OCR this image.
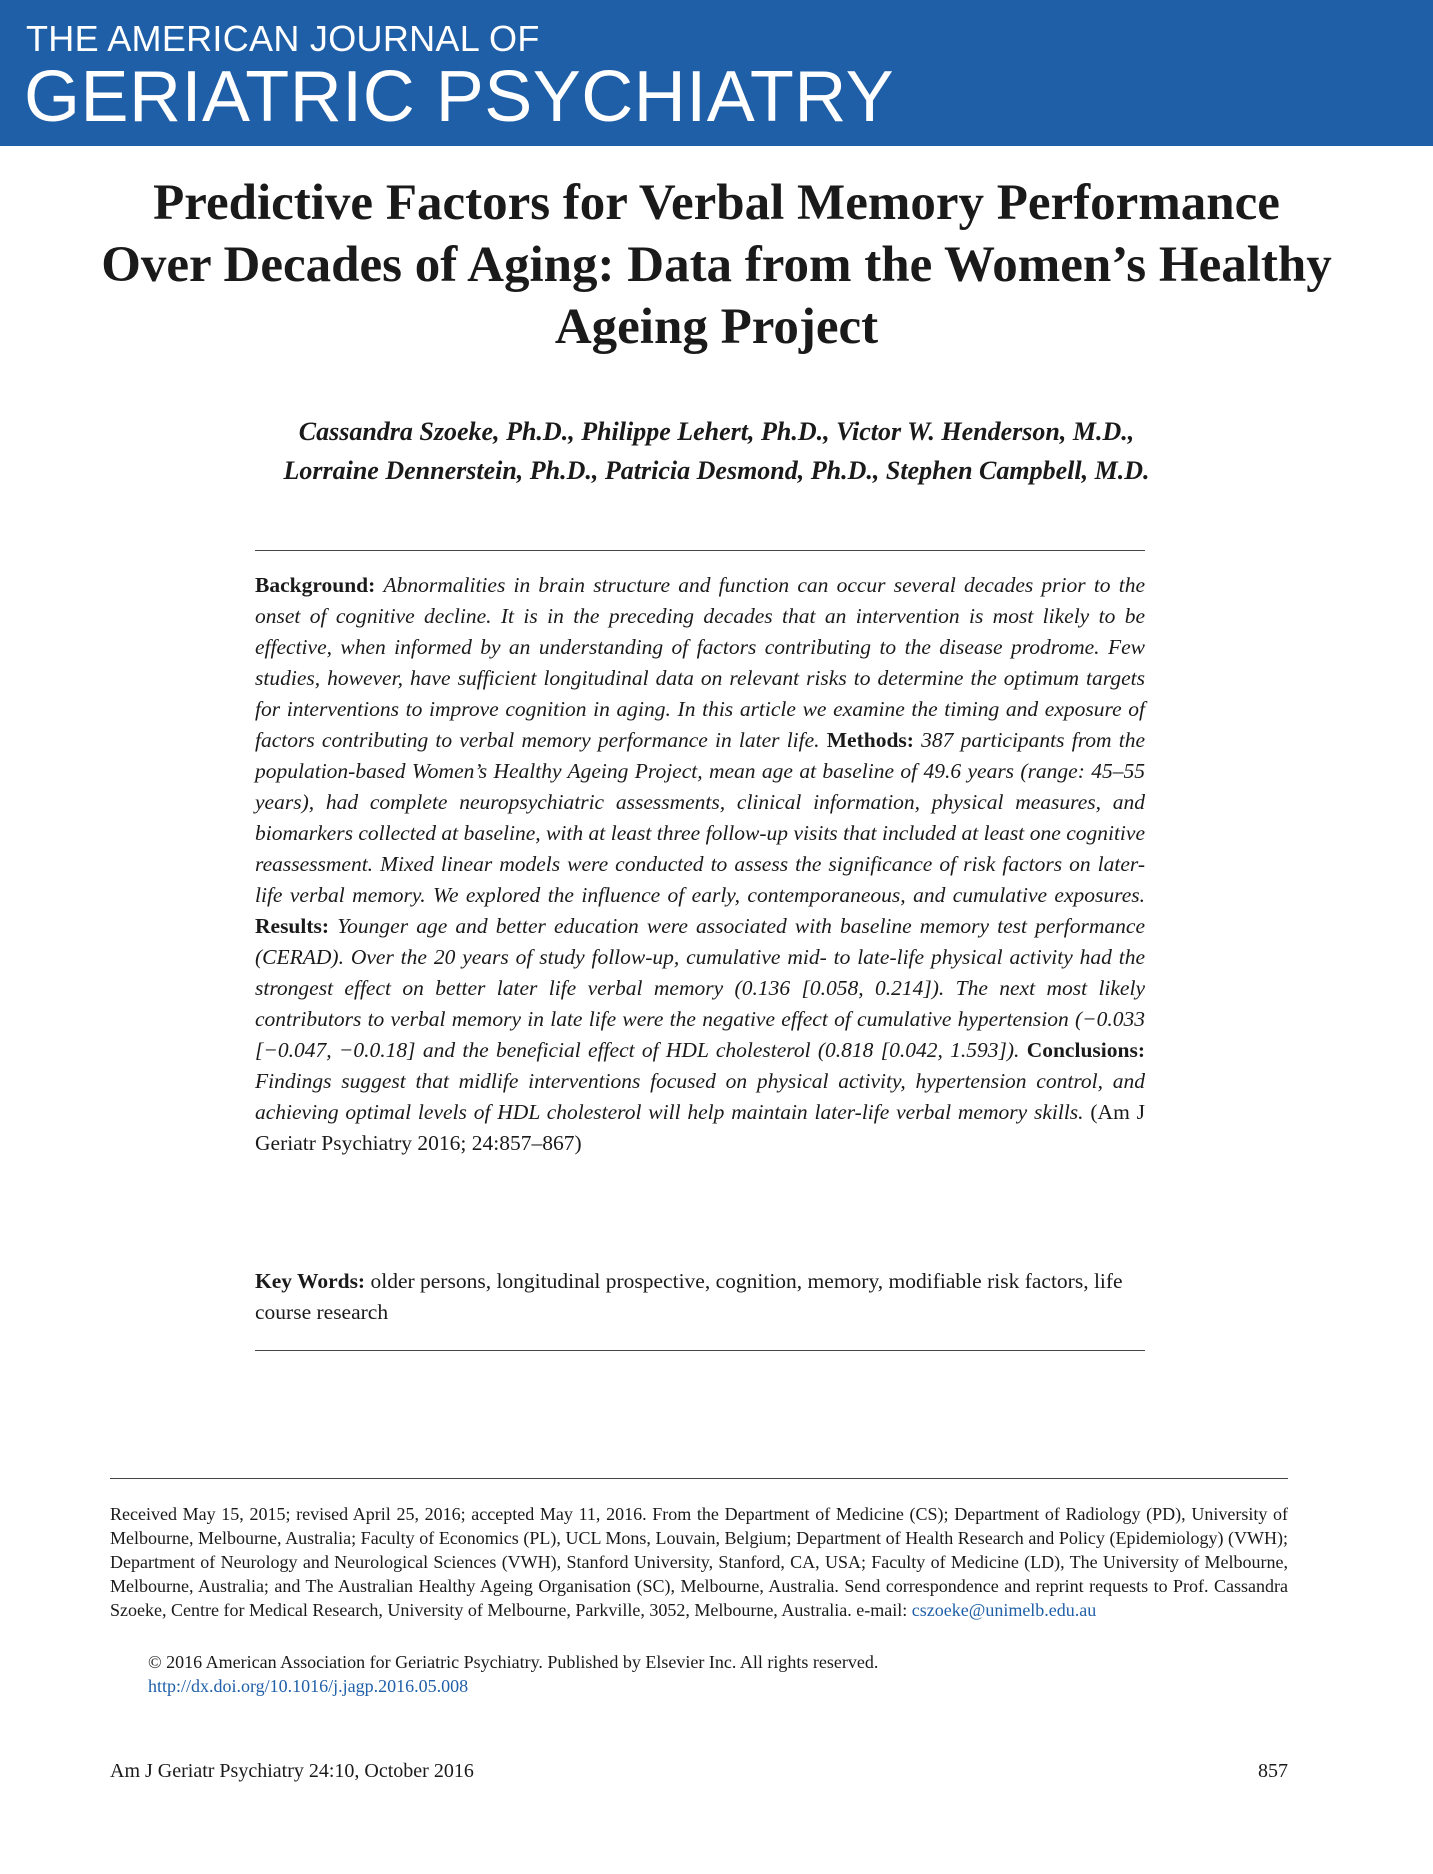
THE AMERICAN JOURNAL OF
GERIATRIC PSYCHIATRY
Predictive Factors for Verbal Memory Performance Over Decades of Aging: Data from the Women’s Healthy Ageing Project
Cassandra Szoeke, Ph.D., Philippe Lehert, Ph.D., Victor W. Henderson, M.D.,
Lorraine Dennerstein, Ph.D., Patricia Desmond, Ph.D., Stephen Campbell, M.D.
Background: Abnormalities in brain structure and function can occur several decades prior to the onset of cognitive decline. It is in the preceding decades that an intervention is most likely to be effective, when informed by an understanding of factors contributing to the disease prodrome. Few studies, however, have sufficient longitudinal data on relevant risks to determine the optimum targets for interventions to improve cognition in aging. In this article we examine the timing and exposure of factors contributing to verbal memory performance in later life. Methods: 387 participants from the population-based Women’s Healthy Ageing Project, mean age at baseline of 49.6 years (range: 45–55 years), had complete neuropsychiatric assessments, clinical information, physical measures, and biomarkers collected at baseline, with at least three follow-up visits that included at least one cognitive reassessment. Mixed linear models were conducted to assess the significance of risk factors on later-life verbal memory. We explored the influence of early, contemporaneous, and cumulative exposures. Results: Younger age and better education were associated with baseline memory test performance (CERAD). Over the 20 years of study follow-up, cumulative mid- to late-life physical activity had the strongest effect on better later life verbal memory (0.136 [0.058, 0.214]). The next most likely contributors to verbal memory in late life were the negative effect of cumulative hypertension (−0.033 [−0.047, −0.0.18] and the beneficial effect of HDL cholesterol (0.818 [0.042, 1.593]). Conclusions: Findings suggest that midlife interventions focused on physical activity, hypertension control, and achieving optimal levels of HDL cholesterol will help maintain later-life verbal memory skills. (Am J Geriatr Psychiatry 2016; 24:857–867)
Key Words: older persons, longitudinal prospective, cognition, memory, modifiable risk factors, life course research
Received May 15, 2015; revised April 25, 2016; accepted May 11, 2016. From the Department of Medicine (CS); Department of Radiology (PD), University of Melbourne, Melbourne, Australia; Faculty of Economics (PL), UCL Mons, Louvain, Belgium; Department of Health Research and Policy (Epidemiology) (VWH); Department of Neurology and Neurological Sciences (VWH), Stanford University, Stanford, CA, USA; Faculty of Medicine (LD), The University of Melbourne, Melbourne, Australia; and The Australian Healthy Ageing Organisation (SC), Melbourne, Australia. Send correspondence and reprint requests to Prof. Cassandra Szoeke, Centre for Medical Research, University of Melbourne, Parkville, 3052, Melbourne, Australia. e-mail: cszoeke@unimelb.edu.au
© 2016 American Association for Geriatric Psychiatry. Published by Elsevier Inc. All rights reserved.
http://dx.doi.org/10.1016/j.jagp.2016.05.008
Am J Geriatr Psychiatry 24:10, October 2016	857
